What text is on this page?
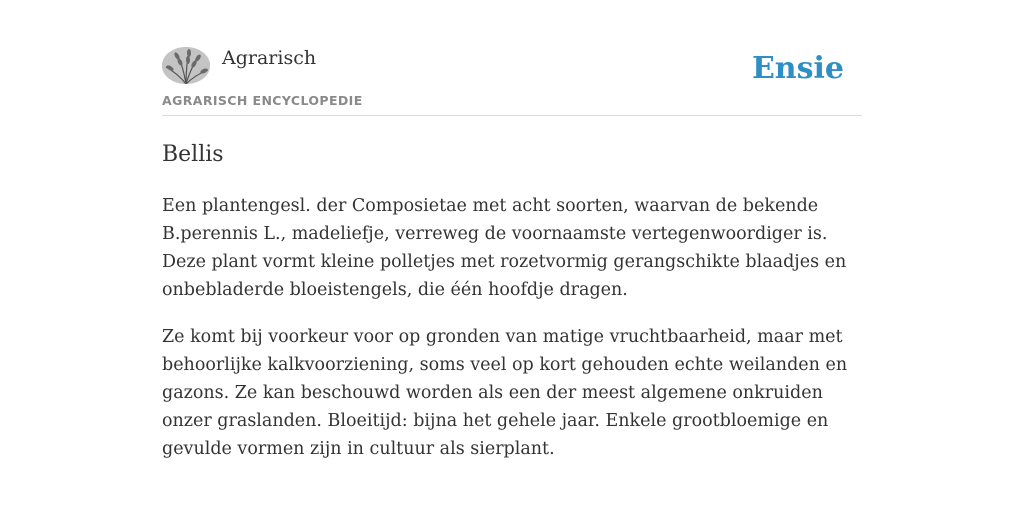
Agrarisch
AGRARISCH ENCYCLOPEDIE
Ensie
Bellis

Een plantengesl. der Composietae met acht soorten, waarvan de bekende B.perennis L., madeliefje, verreweg de voornaamste vertegenwoordiger is. Deze plant vormt kleine polletjes met rozetvormig gerangschikte blaadjes en onbebladerde bloeistengels, die één hoofdje dragen.

Ze komt bij voorkeur voor op gronden van matige vruchtbaarheid, maar met behoorlijke kalkvoorziening, soms veel op kort gehouden echte weilanden en gazons. Ze kan beschouwd worden als een der meest algemene onkruiden onzer graslanden. Bloeitijd: bijna het gehele jaar. Enkele grootbloemige en gevulde vormen zijn in cultuur als sierplant.
